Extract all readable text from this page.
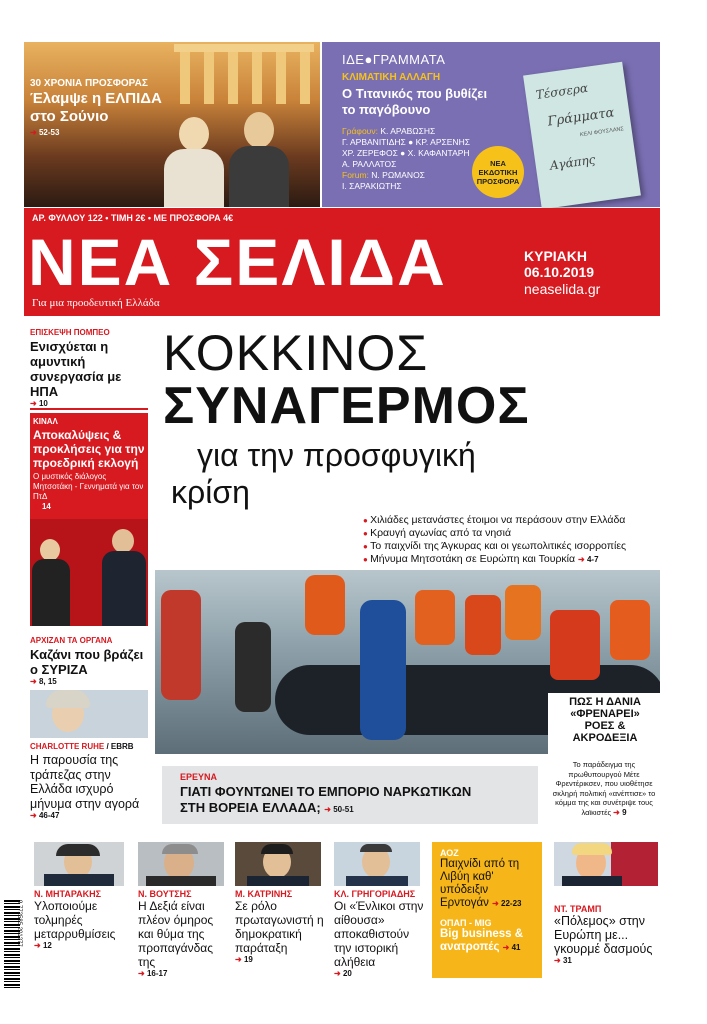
30 ΧΡΟΝΙΑ ΠΡΟΣΦΟΡΑΣ
Έλαμψε η ΕΛΠΙΔΑ
στο Σούνιο
➜ 52-53
ΙΔΕ●ΓΡΑΜΜΑΤΑ
ΚΛΙΜΑΤΙΚΗ ΑΛΛΑΓΗ
Ο Τιτανικός που βυθίζει
το παγόβουνο
Γράφουν: Κ. ΑΡΑΒΩΣΗΣ
Γ. ΑΡΒΑΝΙΤΙΔΗΣ ● ΚΡ. ΑΡΣΕΝΗΣ
ΧΡ. ΖΕΡΕΦΟΣ ● Χ. ΚΑΦΑΝΤΑΡΗ
Α. ΡΑΛΛΑΤΟΣ
Forum: Ν. ΡΩΜΑΝΟΣ
Ι. ΣΑΡΑΚΙΩΤΗΣ
ΝΕΑ
ΕΚΔΟΤΙΚΗ
ΠΡΟΣΦΟΡΑ
Τέσσερα
Γράμματα
Αγάπης
ΚΕΛΙ ΦΟΥΣΛΑΝΣ
ΑΡ. ΦΥΛΛΟΥ 122 • ΤΙΜΗ 2€ • ΜΕ ΠΡΟΣΦΟΡΑ 4€
ΝΕΑ ΣΕΛΙΔΑ
Για μια προοδευτική Ελλάδα
ΚΥΡΙΑΚΗ
06.10.2019
neaselida.gr
ΕΠΙΣΚΕΨΗ ΠΟΜΠΕΟ
Ενισχύεται η αμυντική συνεργασία με ΗΠΑ
➜ 10
ΚΙΝΑΛ
Αποκαλύψεις & προκλήσεις για την προεδρική εκλογή
Ο μυστικός διάλογος Μητσοτάκη - Γεννηματά για τον ΠτΔ
➜ 14
ΑΡΧΙΖΑΝ ΤΑ ΟΡΓΑΝΑ
Καζάνι που βράζει ο ΣΥΡΙΖΑ
➜ 8, 15
CHARLOTTE RUHE / EBRB
Η παρουσία της τράπεζας στην Ελλάδα ισχυρό μήνυμα στην αγορά
➜ 46-47
ΚΟΚΚΙΝΟΣ
ΣΥΝΑΓΕΡΜΟΣ
για την προσφυγική
κρίση
● Χιλιάδες μετανάστες έτοιμοι να περάσουν στην Ελλάδα
● Κραυγή αγωνίας από τα νησιά
● Το παιχνίδι της Άγκυρας και οι γεωπολιτικές ισορροπίες
● Μήνυμα Μητσοτάκη σε Ευρώπη και Τουρκία ➜ 4-7
ΠΩΣ Η ΔΑΝΙΑ
«ΦΡΕΝΑΡΕΙ»
ΡΟΕΣ &
ΑΚΡΟΔΕΞΙΑ
Το παράδειγμα της πρωθυπουργού Μέτε Φρεντέρικσεν, που υιοθέτησε σκληρή πολιτική «ανέπτισε» το κόμμα της και συνέτριψε τους λαϊκιστές ➜ 9
ΕΡΕΥΝΑ
ΓΙΑΤΙ ΦΟΥΝΤΩΝΕΙ ΤΟ ΕΜΠΟΡΙΟ ΝΑΡΚΩΤΙΚΩΝ
ΣΤΗ ΒΟΡΕΙΑ ΕΛΛΑΔΑ; ➜ 50-51
Ν. ΜΗΤΑΡΑΚΗΣ
Υλοποιούμε τολμηρές μεταρρυθμίσεις
➜ 12
Ν. ΒΟΥΤΣΗΣ
Η Δεξιά είναι πλέον όμηρος και θύμα της προπαγάνδας της
➜ 16-17
Μ. ΚΑΤΡΙΝΗΣ
Σε ρόλο πρωταγωνιστή η δημοκρατική παράταξη
➜ 19
ΚΛ. ΓΡΗΓΟΡΙΑΔΗΣ
Οι «Ένλικοι στην αίθουσα» αποκαθιστούν την ιστορική αλήθεια
➜ 20
ΑΟΖ
Παιχνίδι από τη Λιβύη καθ' υπόδειξιν Ερντογάν ➜ 22-23
ΟΠΑΠ - MIG
Big business & ανατροπές ➜ 41
ΝΤ. ΤΡΑΜΠ
«Πόλεμος» στην Ευρώπη με... γκουρμέ δασμούς
➜ 31
9 772585 201277
